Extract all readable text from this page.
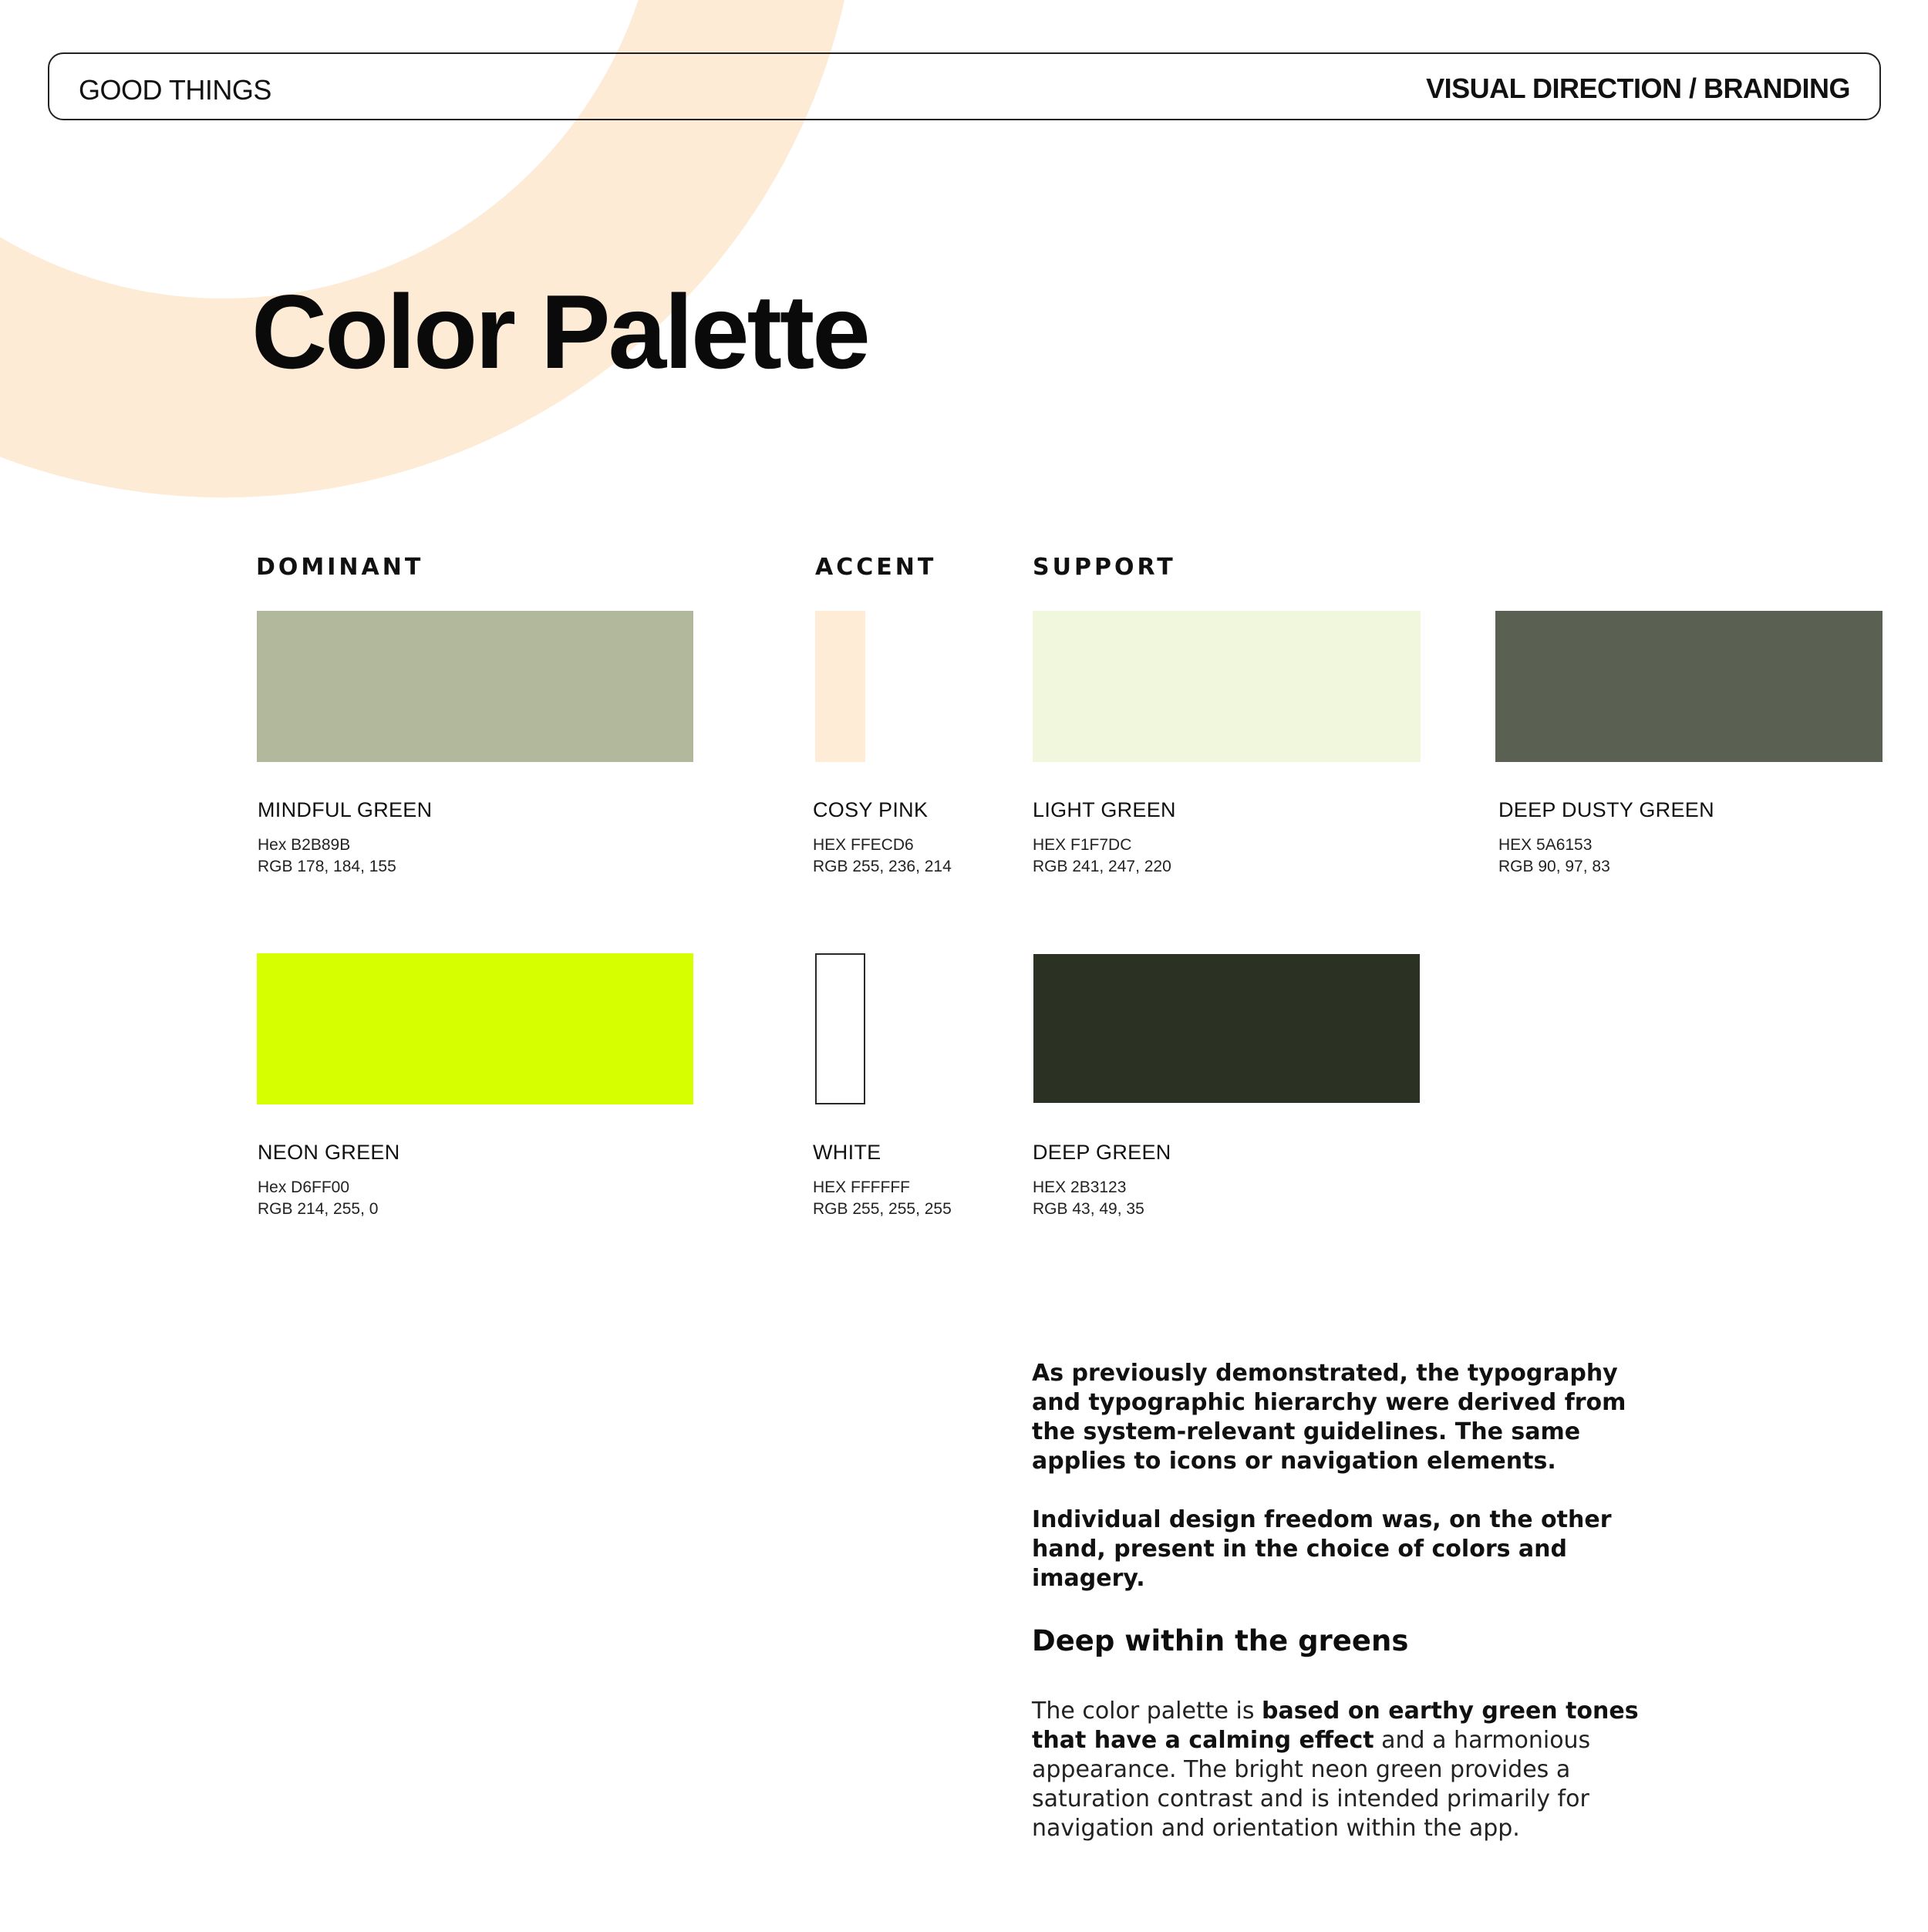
GOOD THINGS	VISUAL DIRECTION / BRANDING
Color Palette
DOMINANT	ACCENT	SUPPORT
MINDFUL GREEN
Hex B2B89B
RGB 178, 184, 155
COSY PINK
HEX FFECD6
RGB 255, 236, 214
LIGHT GREEN
HEX F1F7DC
RGB 241, 247, 220
DEEP DUSTY GREEN
HEX 5A6153
RGB 90, 97, 83
NEON GREEN
Hex D6FF00
RGB 214, 255, 0
WHITE
HEX FFFFFF
RGB 255, 255, 255
DEEP GREEN
HEX 2B3123
RGB 43, 49, 35

As previously demonstrated, the typography and typographic hierarchy were derived from the system-relevant guidelines. The same applies to icons or navigation elements.

Individual design freedom was, on the other hand, present in the choice of colors and imagery.

Deep within the greens

The color palette is based on earthy green tones that have a calming effect and a harmonious appearance. The bright neon green provides a saturation contrast and is intended primarily for navigation and orientation within the app.
